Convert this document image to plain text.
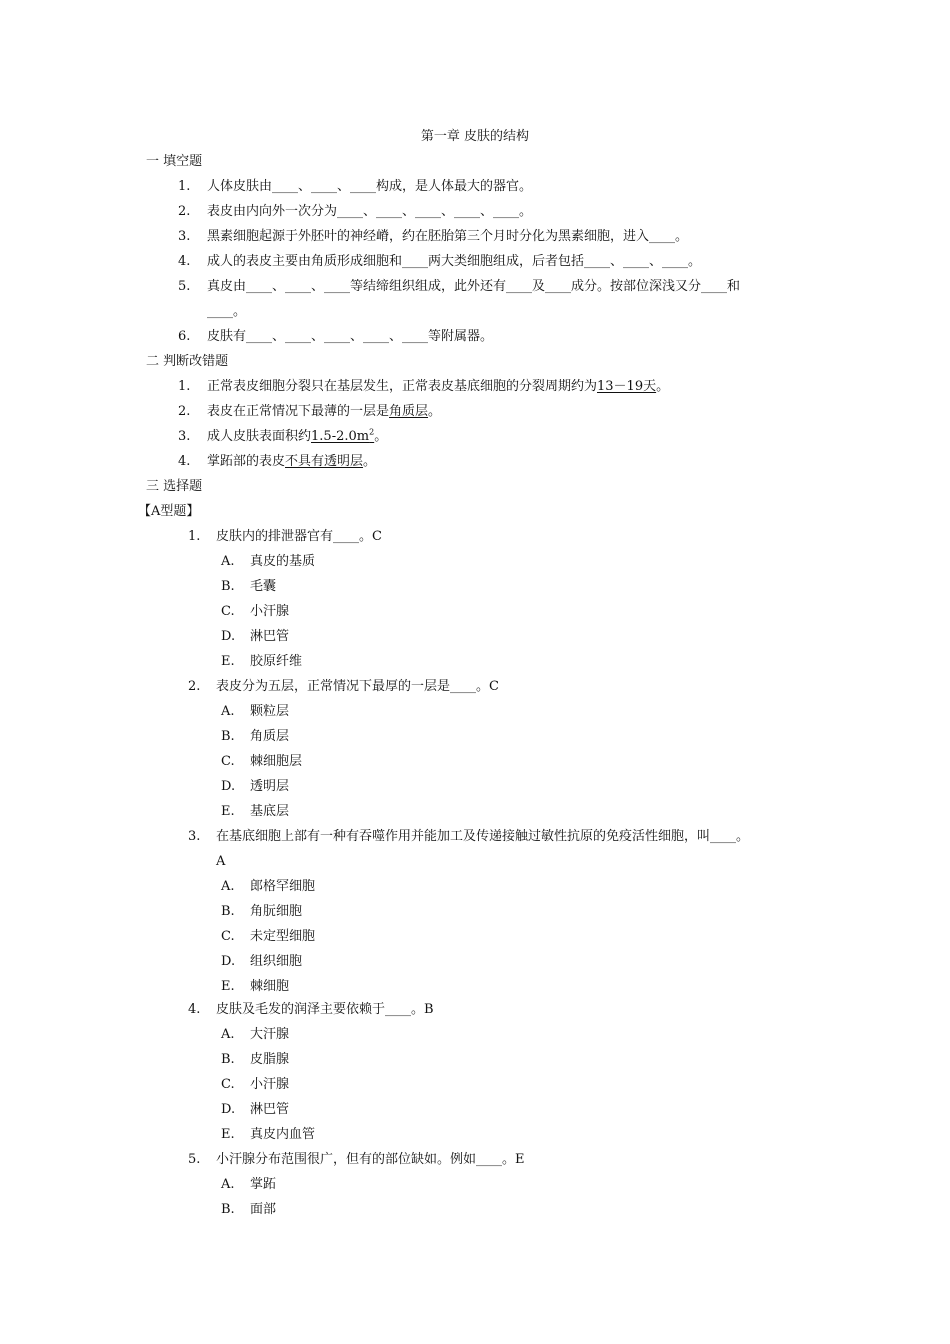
第一章 皮肤的结构
一 填空题
1. 人体皮肤由____、____、____构成，是人体最大的器官。
2. 表皮由内向外一次分为____、____、____、____、____。
3. 黑素细胞起源于外胚叶的神经嵴，约在胚胎第三个月时分化为黑素细胞，进入____。
4. 成人的表皮主要由角质形成细胞和____两大类细胞组成，后者包括____、____、____。
5. 真皮由____、____、____等结缔组织组成，此外还有____及____成分。按部位深浅又分____和
____。
6. 皮肤有____、____、____、____、____等附属器。
二 判断改错题
1. 正常表皮细胞分裂只在基层发生，正常表皮基底细胞的分裂周期约为13－19天。
2. 表皮在正常情况下最薄的一层是角质层。
3. 成人皮肤表面积约$1.5-2.0m^2$。
4. 掌跖部的表皮不具有透明层。
三 选择题
【A型题】
1. 皮肤内的排泄器官有____。C
A. 真皮的基质
B. 毛囊
C. 小汗腺
D. 淋巴管
E. 胶原纤维
2. 表皮分为五层，正常情况下最厚的一层是____。C
A. 颗粒层
B. 角质层
C. 棘细胞层
D. 透明层
E. 基底层
3. 在基底细胞上部有一种有吞噬作用并能加工及传递接触过敏性抗原的免疫活性细胞，叫____。
A
A. 郎格罕细胞
B. 角朊细胞
C. 未定型细胞
D. 组织细胞
E. 棘细胞
4. 皮肤及毛发的润泽主要依赖于____。B
A. 大汗腺
B. 皮脂腺
C. 小汗腺
D. 淋巴管
E. 真皮内血管
5. 小汗腺分布范围很广，但有的部位缺如。例如____。E
A. 掌跖
B. 面部
